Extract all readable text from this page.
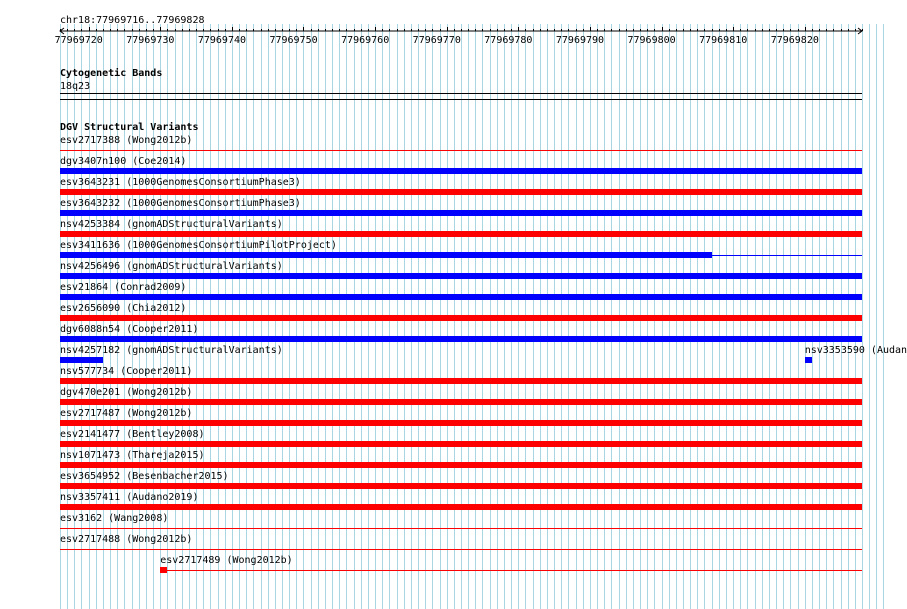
chr18:77969716..77969828
77969720 77969730 77969740 77969750 77969760 77969770 77969780 77969790 77969800 77969810 77969820
Cytogenetic Bands
18q23
DGV Structural Variants
esv2717388 (Wong2012b)
dgv3407n100 (Coe2014)
esv3643231 (1000GenomesConsortiumPhase3)
esv3643232 (1000GenomesConsortiumPhase3)
nsv4253384 (gnomADStructuralVariants)
esv3411636 (1000GenomesConsortiumPilotProject)
nsv4256496 (gnomADStructuralVariants)
esv21864 (Conrad2009)
esv2656090 (Chia2012)
dgv6088n54 (Cooper2011)
nsv4257182 (gnomADStructuralVariants)	nsv3353590 (Audan
nsv577734 (Cooper2011)
dgv470e201 (Wong2012b)
esv2717487 (Wong2012b)
esv2141477 (Bentley2008)
nsv1071473 (Thareja2015)
esv3654952 (Besenbacher2015)
nsv3357411 (Audano2019)
esv3162 (Wang2008)
esv2717488 (Wong2012b)
esv2717489 (Wong2012b)
